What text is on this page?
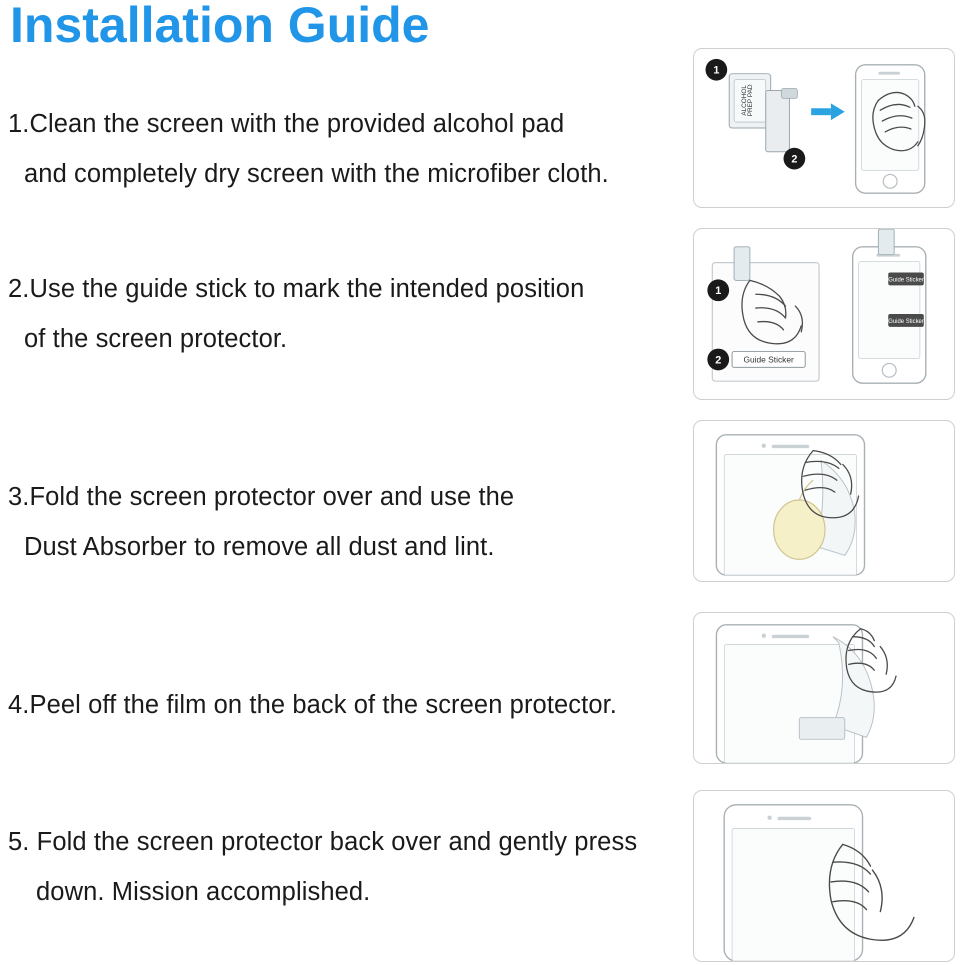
Installation Guide
1.Clean the screen with the provided alcohol pad
and completely dry screen with the microfiber cloth.
1
ALCOHOL
PREP PAD
2
2.Use the guide stick to mark the intended position
of the screen protector.
1
2	Guide Sticker
Guide Sticker
Guide Sticker
3.Fold the screen protector over and use the
Dust Absorber to remove all dust and lint.
4.Peel off the film on the back of the screen protector.
5. Fold the screen protector back over and gently press
down. Mission accomplished.
